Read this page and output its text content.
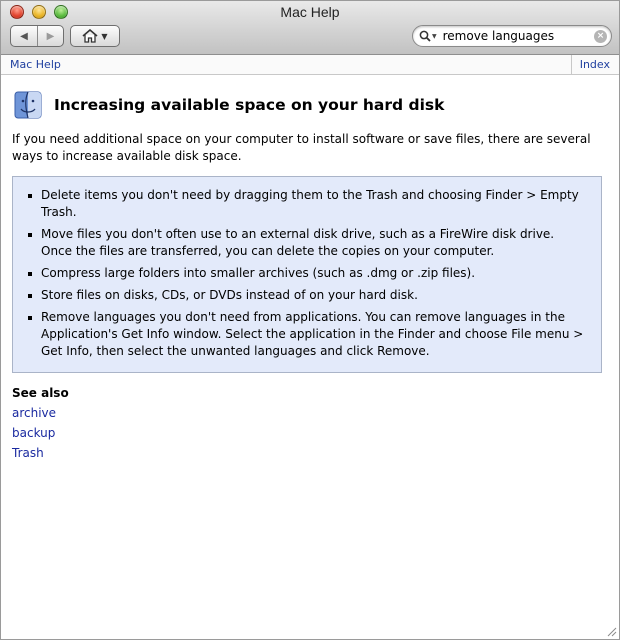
Mac Help
◀ ▶	▼	▼
remove languages	×
Mac Help	Index
Increasing available space on your hard disk
If you need additional space on your computer to install software or save files, there are several ways to increase available disk space.
Delete items you don't need by dragging them to the Trash and choosing Finder > Empty Trash.
Move files you don't often use to an external disk drive, such as a FireWire disk drive. Once the files are transferred, you can delete the copies on your computer.
Compress large folders into smaller archives (such as .dmg or .zip files).
Store files on disks, CDs, or DVDs instead of on your hard disk.
Remove languages you don't need from applications. You can remove languages in the Application's Get Info window. Select the application in the Finder and choose File menu > Get Info, then select the unwanted languages and click Remove.
See also
archive
backup
Trash
